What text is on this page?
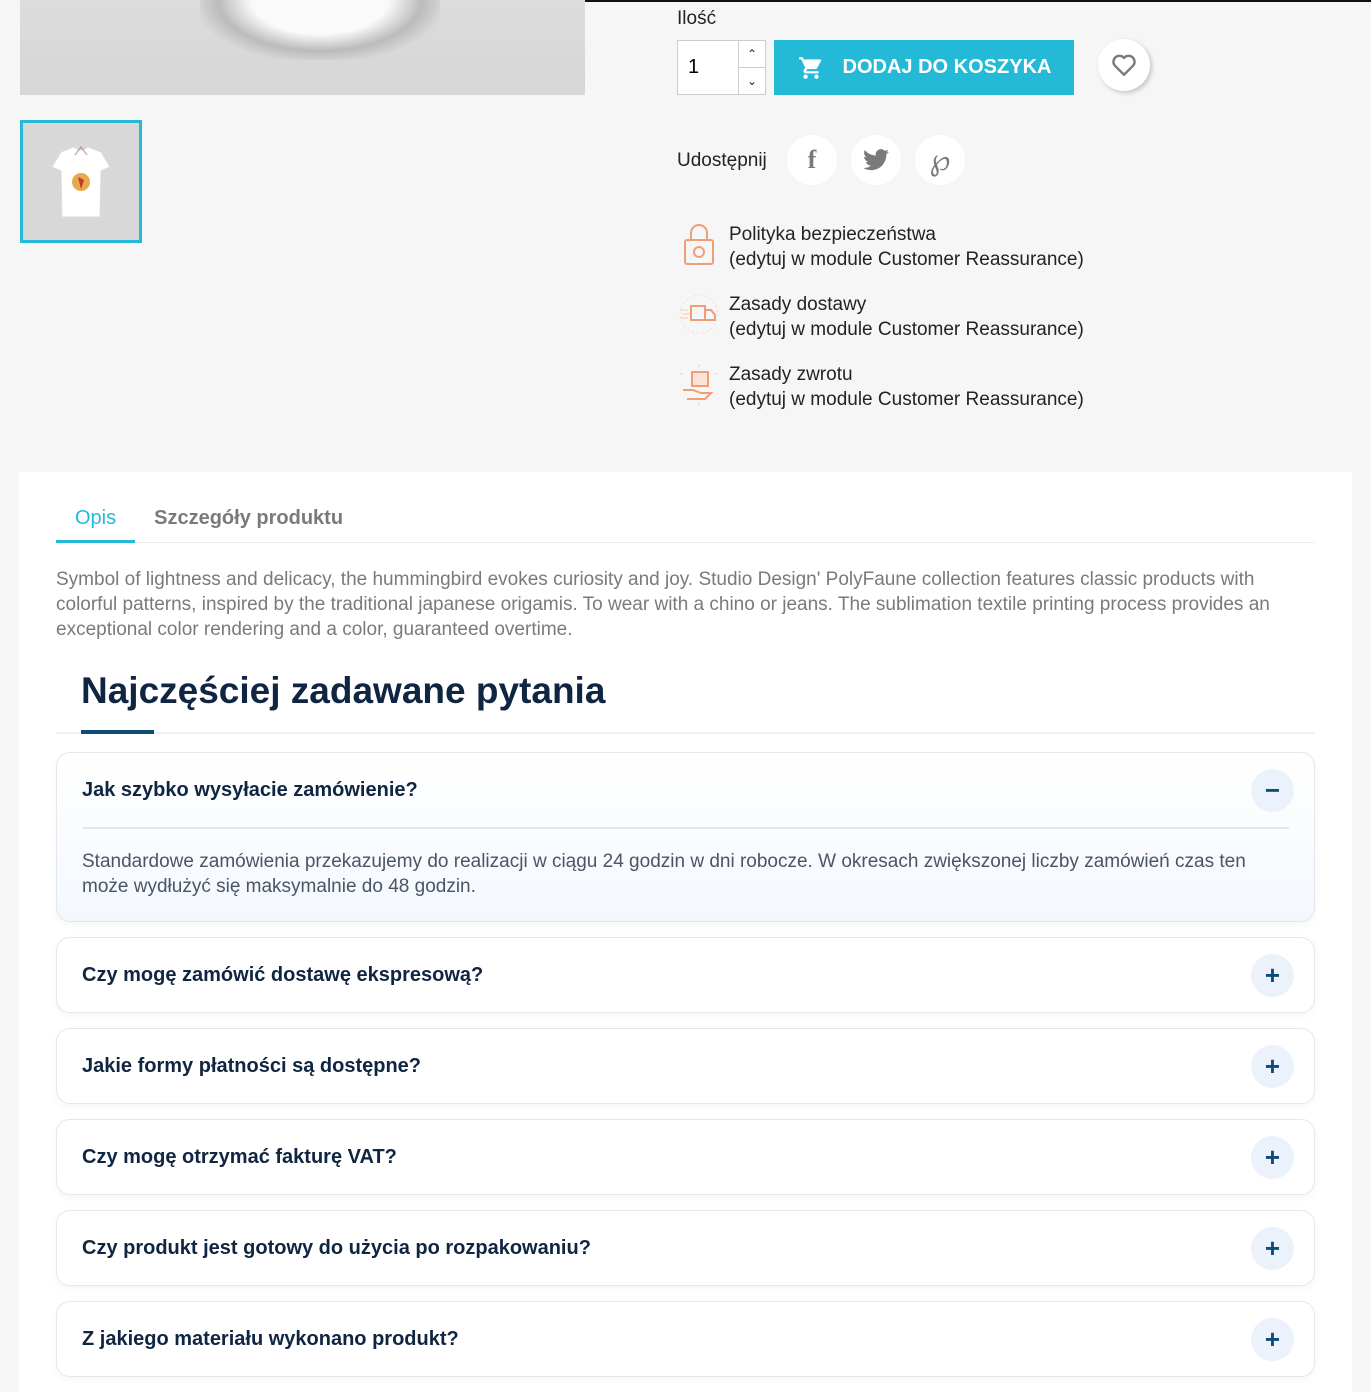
Ilość
1
⌃
⌄
DODAJ DO KOSZYKA
Udostępnij f	℘
Polityka bezpieczeństwa
(edytuj w module Customer Reassurance)
Zasady dostawy
(edytuj w module Customer Reassurance)
Zasady zwrotu
(edytuj w module Customer Reassurance)
Opis	Szczegóły produktu
Symbol of lightness and delicacy, the hummingbird evokes curiosity and joy. Studio Design' PolyFaune collection features classic products with colorful patterns, inspired by the traditional japanese origamis. To wear with a chino or jeans. The sublimation textile printing process provides an exceptional color rendering and a color, guaranteed overtime.
Najczęściej zadawane pytania
Jak szybko wysyłacie zamówienie?	−
Standardowe zamówienia przekazujemy do realizacji w ciągu 24 godzin w dni robocze. W okresach zwiększonej liczby zamówień czas ten może wydłużyć się maksymalnie do 48 godzin.
Czy mogę zamówić dostawę ekspresową?	+
Jakie formy płatności są dostępne?	+
Czy mogę otrzymać fakturę VAT?	+
Czy produkt jest gotowy do użycia po rozpakowaniu?	+
Z jakiego materiału wykonano produkt?	+
